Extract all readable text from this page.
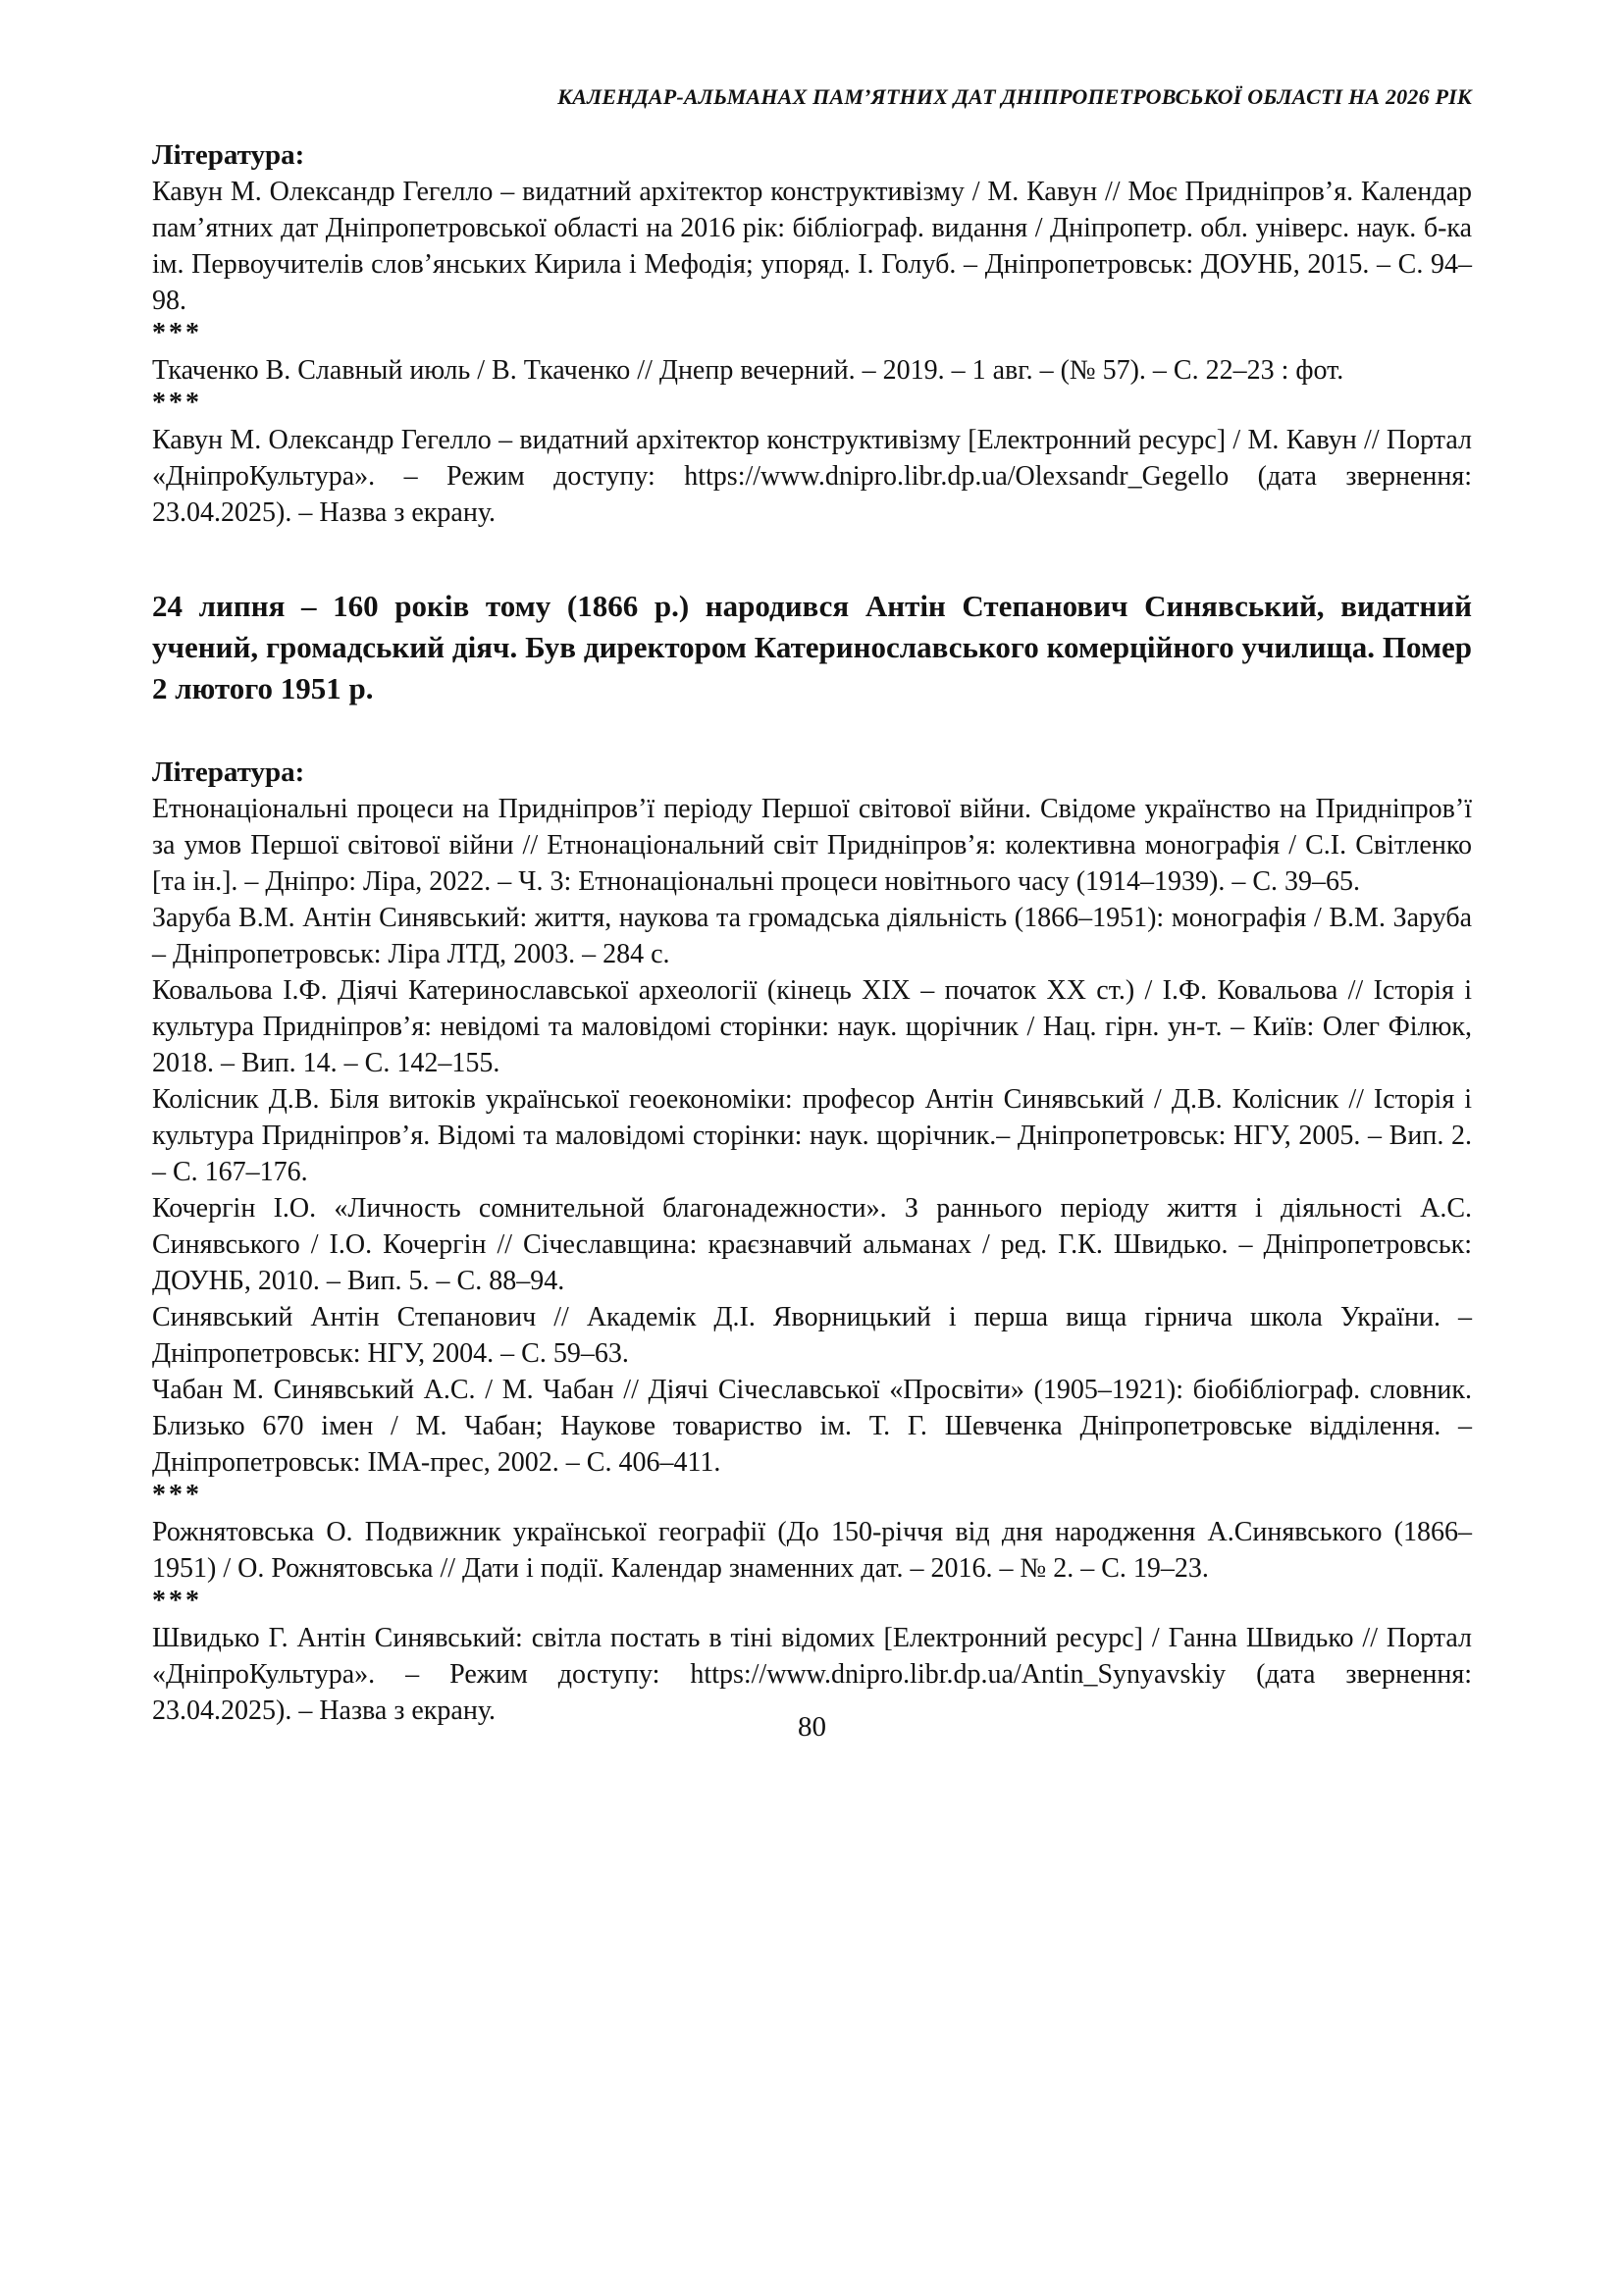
КАЛЕНДАР-АЛЬМАНАХ ПАМ’ЯТНИХ ДАТ ДНІПРОПЕТРОВСЬКОЇ ОБЛАСТІ НА 2026 РІК

Література:

Кавун М. Олександр Гегелло – видатний архітектор конструктивізму / М. Кавун // Моє Придніпров’я. Календар пам’ятних дат Дніпропетровської області на 2016 рік: бібліограф. видання / Дніпропетр. обл. універс. наук. б-ка ім. Первоучителів слов’янських Кирила і Мефодія; упоряд. І. Голуб. – Дніпропетровськ: ДОУНБ, 2015. – С. 94–98.

***

Ткаченко В. Славный июль / В. Ткаченко // Днепр вечерний. – 2019. – 1 авг. – (№ 57). – С. 22–23 : фот.

***

Кавун М. Олександр Гегелло – видатний архітектор конструктивізму [Електронний ресурс] / М. Кавун // Портал «ДніпроКультура». – Режим доступу: https://www.dnipro.libr.dp.ua/Olexsandr_Gegello (дата звернення: 23.04.2025). – Назва з екрану.

24 липня – 160 років тому (1866 р.) народився Антін Степанович Синявський, видатний учений, громадський діяч. Був директором Катеринославського комерційного училища. Помер 2 лютого 1951 р.

Література:

Етнонаціональні процеси на Придніпров’ї періоду Першої світової війни. Свідоме українство на Придніпров’ї за умов Першої світової війни // Етнонаціональний світ Придніпров’я: колективна монографія / С.І. Світленко [та ін.]. – Дніпро: Ліра, 2022. – Ч. 3: Етнонаціональні процеси новітнього часу (1914–1939). – С. 39–65.

Заруба В.М. Антін Синявський: життя, наукова та громадська діяльність (1866–1951): монографія / В.М. Заруба – Дніпропетровськ: Ліра ЛТД, 2003. – 284 с.

Ковальова І.Ф. Діячі Катеринославської археології (кінець XIX – початок XX ст.) / І.Ф. Ковальова // Історія і культура Придніпров’я: невідомі та маловідомі сторінки: наук. щорічник / Нац. гірн. ун-т. – Київ: Олег Філюк, 2018. – Вип. 14. – С. 142–155.

Колісник Д.В. Біля витоків української геоекономіки: професор Антін Синявський / Д.В. Колісник // Історія і культура Придніпров’я. Відомі та маловідомі сторінки: наук. щорічник.– Дніпропетровськ: НГУ, 2005. – Вип. 2. – С. 167–176.

Кочергін І.О. «Личность сомнительной благонадежности». З раннього періоду життя і діяльності А.С. Синявського / І.О. Кочергін // Січеславщина: краєзнавчий альманах / ред. Г.К. Швидько. – Дніпропетровськ: ДОУНБ, 2010. – Вип. 5. – С. 88–94.

Синявський Антін Степанович // Академік Д.І. Яворницький і перша вища гірнича школа України. – Дніпропетровськ: НГУ, 2004. – С. 59–63.

Чабан М. Синявський А.С. / М. Чабан // Діячі Січеславської «Просвіти» (1905–1921): біобібліограф. словник. Близько 670 імен / М. Чабан; Наукове товариство ім. Т. Г. Шевченка Дніпропетровське відділення. – Дніпропетровськ: ІМА-прес, 2002. – С. 406–411.

***

Рожнятовська О. Подвижник української географії (До 150-річчя від дня народження А.Синявського (1866–1951) / О. Рожнятовська // Дати і події. Календар знаменних дат. – 2016. – № 2. – С. 19–23.

***

Швидько Г. Антін Синявський: світла постать в тіні відомих [Електронний ресурс] / Ганна Швидько // Портал «ДніпроКультура». – Режим доступу: https://www.dnipro.libr.dp.ua/Antin_Synyavskiy (дата звернення: 23.04.2025). – Назва з екрану.

80
